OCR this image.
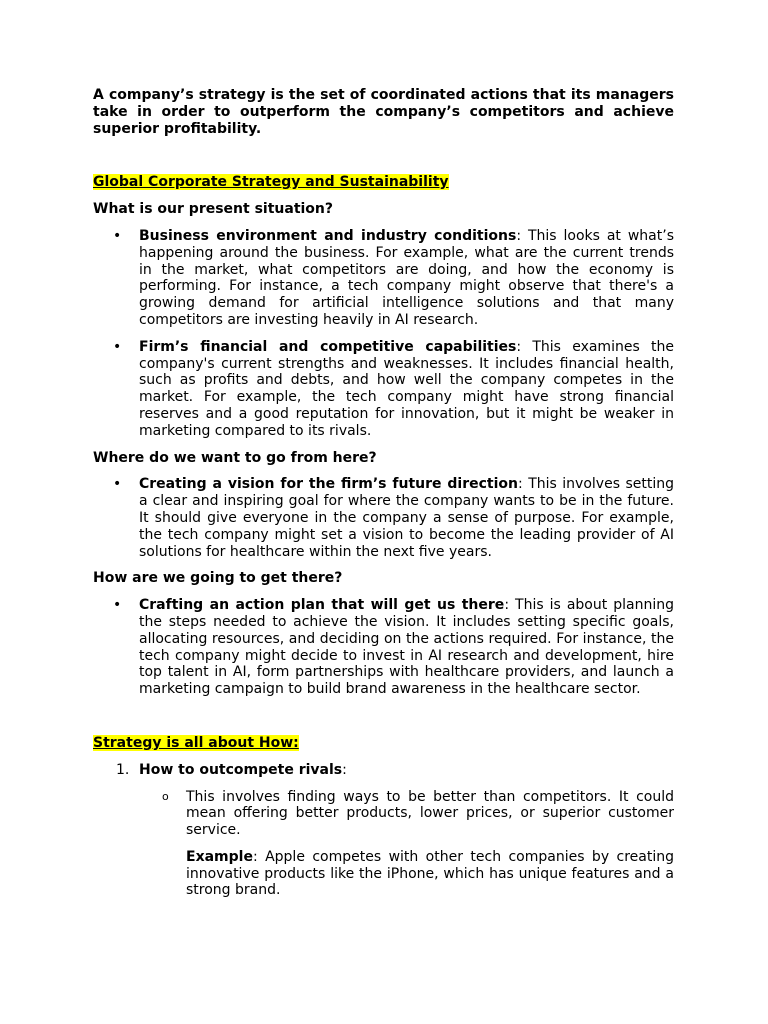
A company’s strategy is the set of coordinated actions that its managers take in order to outperform the company’s competitors and achieve superior profitability.

Global Corporate Strategy and Sustainability

What is our present situation?

• Business environment and industry conditions: This looks at what’s happening around the business. For example, what are the current trends in the market, what competitors are doing, and how the economy is performing. For instance, a tech company might observe that there's a growing demand for artificial intelligence solutions and that many competitors are investing heavily in AI research.
• Firm’s financial and competitive capabilities: This examines the company's current strengths and weaknesses. It includes financial health, such as profits and debts, and how well the company competes in the market. For example, the tech company might have strong financial reserves and a good reputation for innovation, but it might be weaker in marketing compared to its rivals.

Where do we want to go from here?

• Creating a vision for the firm’s future direction: This involves setting a clear and inspiring goal for where the company wants to be in the future. It should give everyone in the company a sense of purpose. For example, the tech company might set a vision to become the leading provider of AI solutions for healthcare within the next five years.

How are we going to get there?

• Crafting an action plan that will get us there: This is about planning the steps needed to achieve the vision. It includes setting specific goals, allocating resources, and deciding on the actions required. For instance, the tech company might decide to invest in AI research and development, hire top talent in AI, form partnerships with healthcare providers, and launch a marketing campaign to build brand awareness in the healthcare sector.

Strategy is all about How:

1. How to outcompete rivals:
o This involves finding ways to be better than competitors. It could mean offering better products, lower prices, or superior customer service.

Example: Apple competes with other tech companies by creating innovative products like the iPhone, which has unique features and a strong brand.
